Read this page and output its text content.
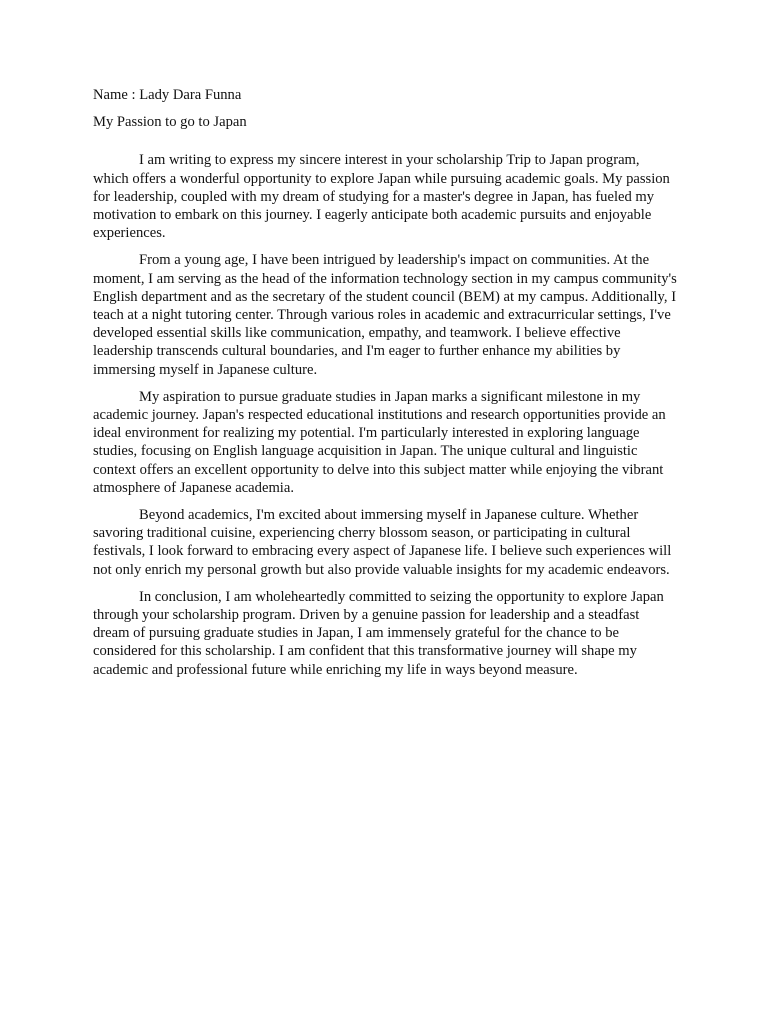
Name : Lady Dara Funna

My Passion to go to Japan

I am writing to express my sincere interest in your scholarship Trip to Japan program, which offers a wonderful opportunity to explore Japan while pursuing academic goals. My passion for leadership, coupled with my dream of studying for a master's degree in Japan, has fueled my motivation to embark on this journey. I eagerly anticipate both academic pursuits and enjoyable experiences.

From a young age, I have been intrigued by leadership's impact on communities. At the moment, I am serving as the head of the information technology section in my campus community's English department and as the secretary of the student council (BEM) at my campus. Additionally, I teach at a night tutoring center. Through various roles in academic and extracurricular settings, I've developed essential skills like communication, empathy, and teamwork. I believe effective leadership transcends cultural boundaries, and I'm eager to further enhance my abilities by immersing myself in Japanese culture.

My aspiration to pursue graduate studies in Japan marks a significant milestone in my academic journey. Japan's respected educational institutions and research opportunities provide an ideal environment for realizing my potential. I'm particularly interested in exploring language studies, focusing on English language acquisition in Japan. The unique cultural and linguistic context offers an excellent opportunity to delve into this subject matter while enjoying the vibrant atmosphere of Japanese academia.

Beyond academics, I'm excited about immersing myself in Japanese culture. Whether savoring traditional cuisine, experiencing cherry blossom season, or participating in cultural festivals, I look forward to embracing every aspect of Japanese life. I believe such experiences will not only enrich my personal growth but also provide valuable insights for my academic endeavors.

In conclusion, I am wholeheartedly committed to seizing the opportunity to explore Japan through your scholarship program. Driven by a genuine passion for leadership and a steadfast dream of pursuing graduate studies in Japan, I am immensely grateful for the chance to be considered for this scholarship. I am confident that this transformative journey will shape my academic and professional future while enriching my life in ways beyond measure.
